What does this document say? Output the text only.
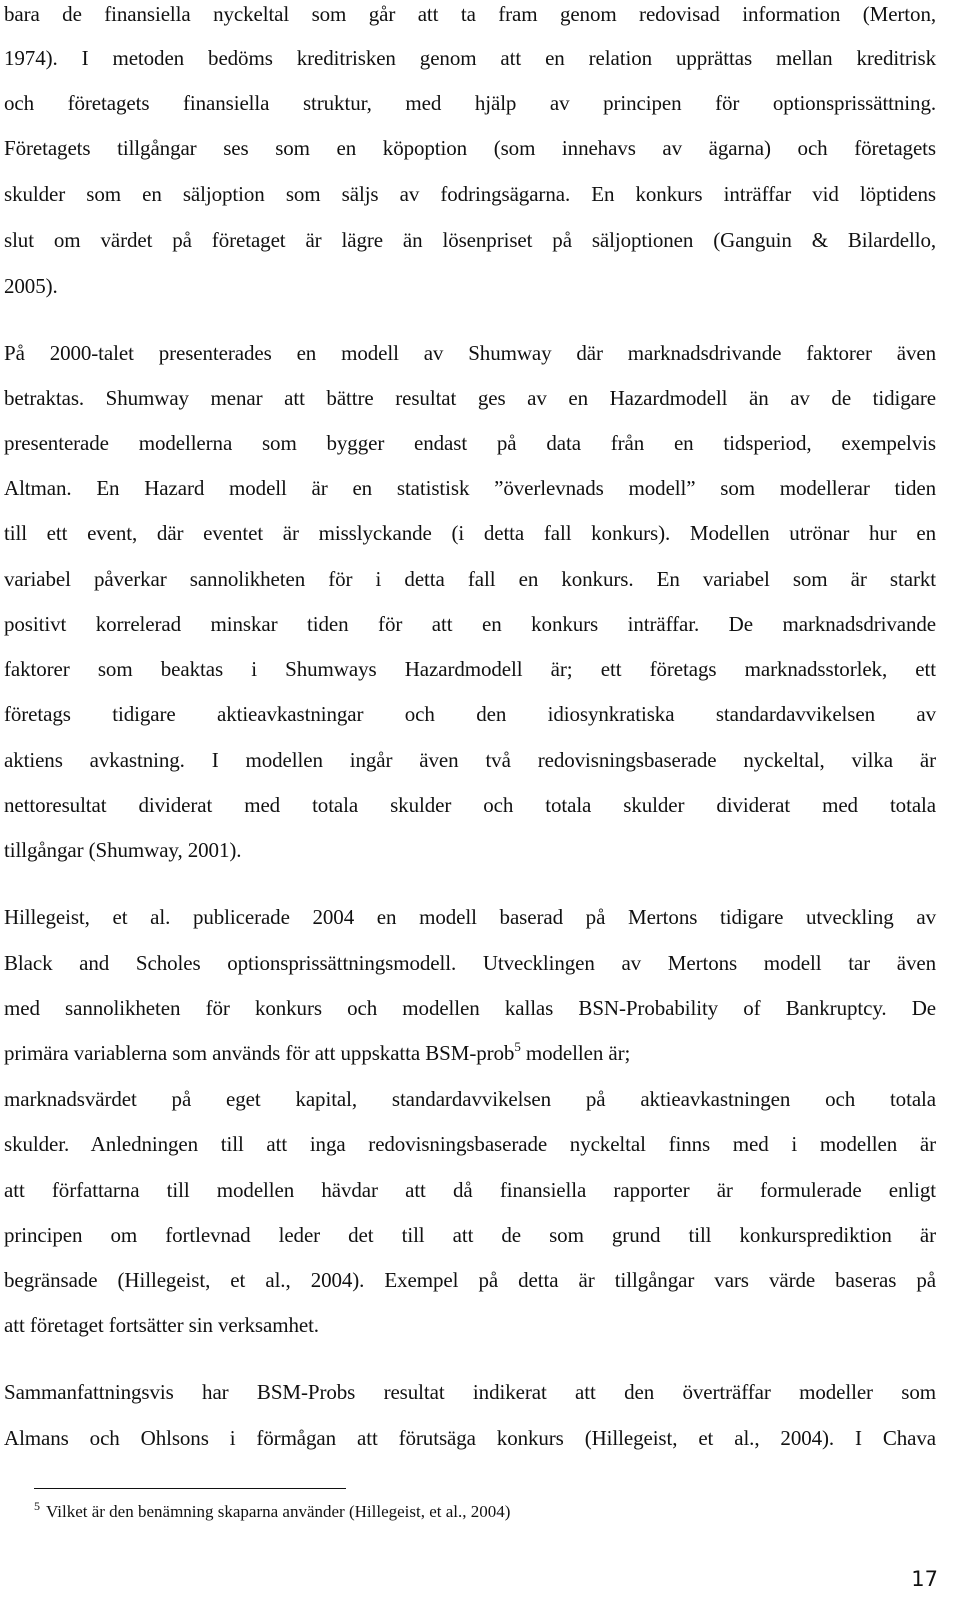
bara de finansiella nyckeltal som går att ta fram genom redovisad information (Merton,
1974). I metoden bedöms kreditrisken genom att en relation upprättas mellan kreditrisk
och företagets finansiella struktur, med hjälp av principen för optionsprissättning.
Företagets tillgångar ses som en köpoption (som innehavs av ägarna) och företagets
skulder som en säljoption som säljs av fodringsägarna. En konkurs inträffar vid löptidens
slut om värdet på företaget är lägre än lösenpriset på säljoptionen (Ganguin & Bilardello,
2005).
På 2000-talet presenterades en modell av Shumway där marknadsdrivande faktorer även
betraktas. Shumway menar att bättre resultat ges av en Hazardmodell än av de tidigare
presenterade modellerna som bygger endast på data från en tidsperiod, exempelvis
Altman. En Hazard modell är en statistisk ”överlevnads modell” som modellerar tiden
till ett event, där eventet är misslyckande (i detta fall konkurs). Modellen utrönar hur en
variabel påverkar sannolikheten för i detta fall en konkurs. En variabel som är starkt
positivt korrelerad minskar tiden för att en konkurs inträffar. De marknadsdrivande
faktorer som beaktas i Shumways Hazardmodell är; ett företags marknadsstorlek, ett
företags tidigare aktieavkastningar och den idiosynkratiska standardavvikelsen av
aktiens avkastning. I modellen ingår även två redovisningsbaserade nyckeltal, vilka är
nettoresultat dividerat med totala skulder och totala skulder dividerat med totala
tillgångar (Shumway, 2001).
Hillegeist, et al. publicerade 2004 en modell baserad på Mertons tidigare utveckling av
Black and Scholes optionsprissättningsmodell. Utvecklingen av Mertons modell tar även
med sannolikheten för konkurs och modellen kallas BSN-Probability of Bankruptcy. De
primära variablerna som används för att uppskatta BSM-prob$^5$ modellen är;
marknadsvärdet på eget kapital, standardavvikelsen på aktieavkastningen och totala
skulder. Anledningen till att inga redovisningsbaserade nyckeltal finns med i modellen är
att författarna till modellen hävdar att då finansiella rapporter är formulerade enligt
principen om fortlevnad leder det till att de som grund till konkursprediktion är
begränsade (Hillegeist, et al., 2004). Exempel på detta är tillgångar vars värde baseras på
att företaget fortsätter sin verksamhet.
Sammanfattningsvis har BSM-Probs resultat indikerat att den överträffar modeller som
Almans och Ohlsons i förmågan att förutsäga konkurs (Hillegeist, et al., 2004). I Chava
$^5$ Vilket är den benämning skaparna använder (Hillegeist, et al., 2004)
17
